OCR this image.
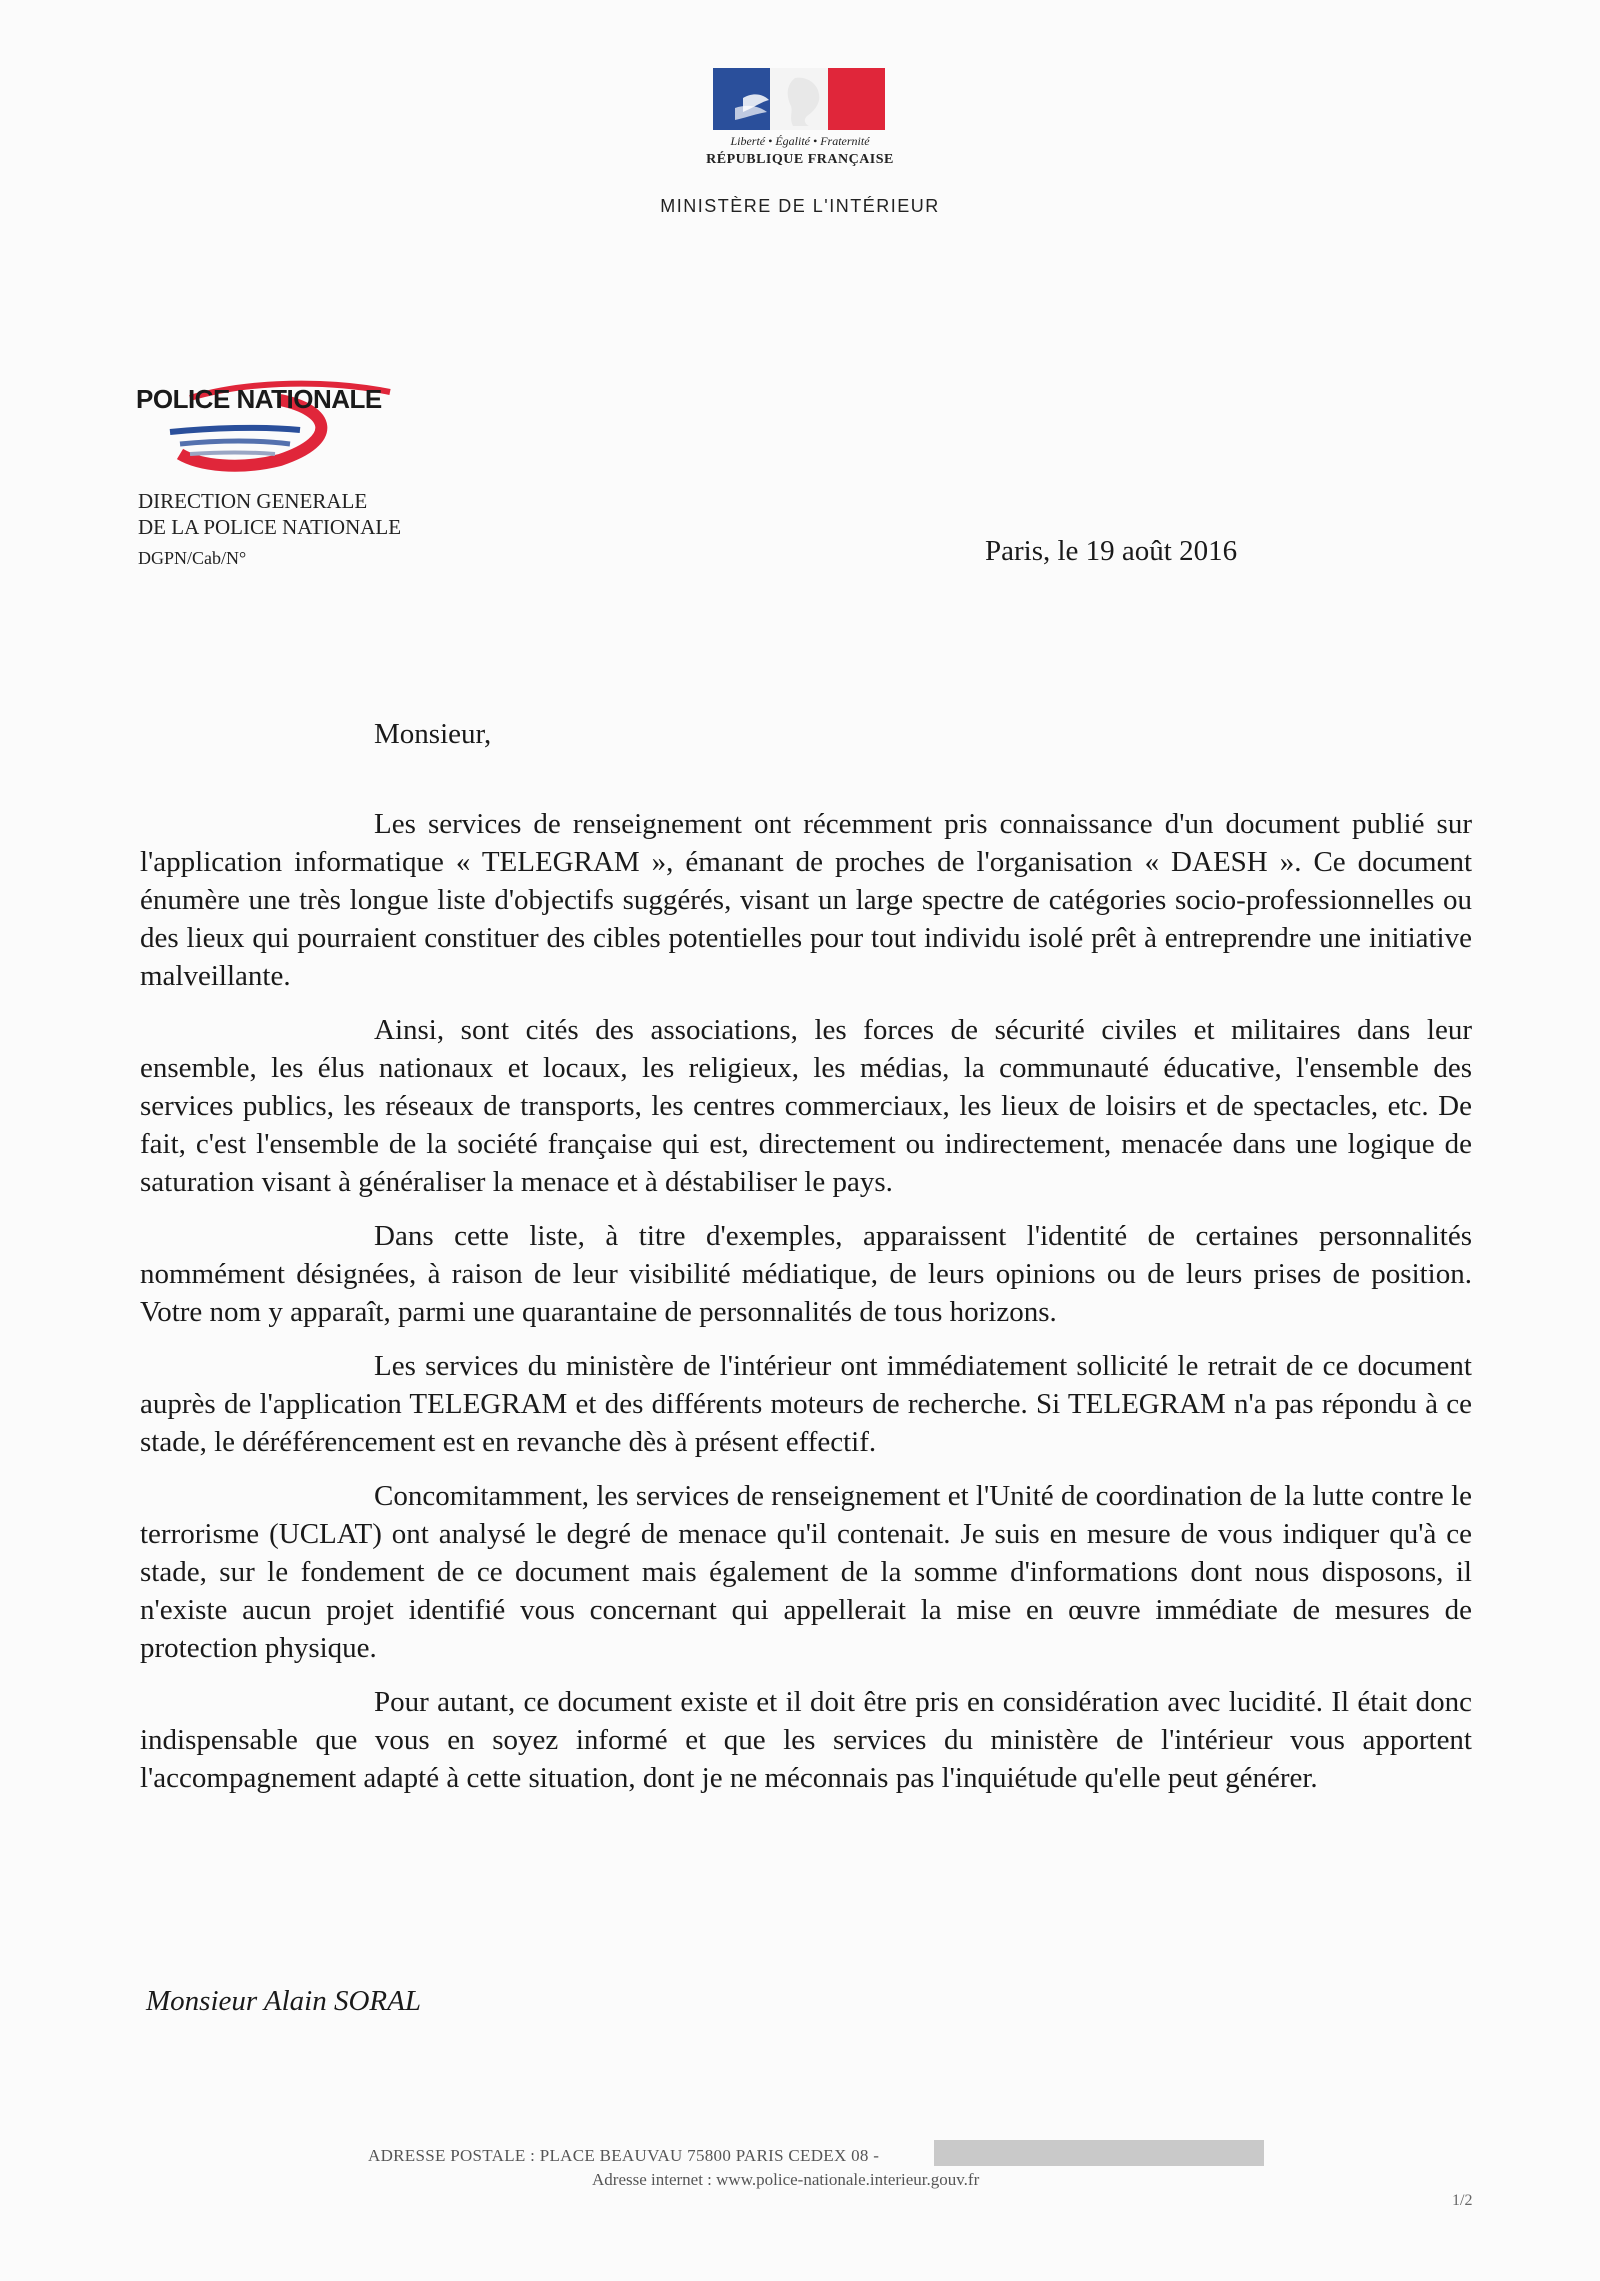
Liberté • Égalité • Fraternité
RÉPUBLIQUE FRANÇAISE
MINISTÈRE DE L'INTÉRIEUR
POLICE NATIONALE
DIRECTION GENERALE
DE LA POLICE NATIONALE
DGPN/Cab/N°	Paris, le 19 août 2016
Monsieur,

Les services de renseignement ont récemment pris connaissance d'un document publié sur l'application informatique « TELEGRAM », émanant de proches de l'organisation « DAESH ». Ce document énumère une très longue liste d'objectifs suggérés, visant un large spectre de catégories socio-professionnelles ou des lieux qui pourraient constituer des cibles potentielles pour tout individu isolé prêt à entreprendre une initiative malveillante.

Ainsi, sont cités des associations, les forces de sécurité civiles et militaires dans leur ensemble, les élus nationaux et locaux, les religieux, les médias, la communauté éducative, l'ensemble des services publics, les réseaux de transports, les centres commerciaux, les lieux de loisirs et de spectacles, etc. De fait, c'est l'ensemble de la société française qui est, directement ou indirectement, menacée dans une logique de saturation visant à généraliser la menace et à déstabiliser le pays.

Dans cette liste, à titre d'exemples, apparaissent l'identité de certaines personnalités nommément désignées, à raison de leur visibilité médiatique, de leurs opinions ou de leurs prises de position. Votre nom y apparaît, parmi une quarantaine de personnalités de tous horizons.

Les services du ministère de l'intérieur ont immédiatement sollicité le retrait de ce document auprès de l'application TELEGRAM et des différents moteurs de recherche. Si TELEGRAM n'a pas répondu à ce stade, le déréférencement est en revanche dès à présent effectif.

Concomitamment, les services de renseignement et l'Unité de coordination de la lutte contre le terrorisme (UCLAT) ont analysé le degré de menace qu'il contenait. Je suis en mesure de vous indiquer qu'à ce stade, sur le fondement de ce document mais également de la somme d'informations dont nous disposons, il n'existe aucun projet identifié vous concernant qui appellerait la mise en œuvre immédiate de mesures de protection physique.

Pour autant, ce document existe et il doit être pris en considération avec lucidité. Il était donc indispensable que vous en soyez informé et que les services du ministère de l'intérieur vous apportent l'accompagnement adapté à cette situation, dont je ne méconnais pas l'inquiétude qu'elle peut générer.

Monsieur Alain SORAL
ADRESSE POSTALE : PLACE BEAUVAU 75800 PARIS CEDEX 08 -
Adresse internet : www.police-nationale.interieur.gouv.fr
1/2
